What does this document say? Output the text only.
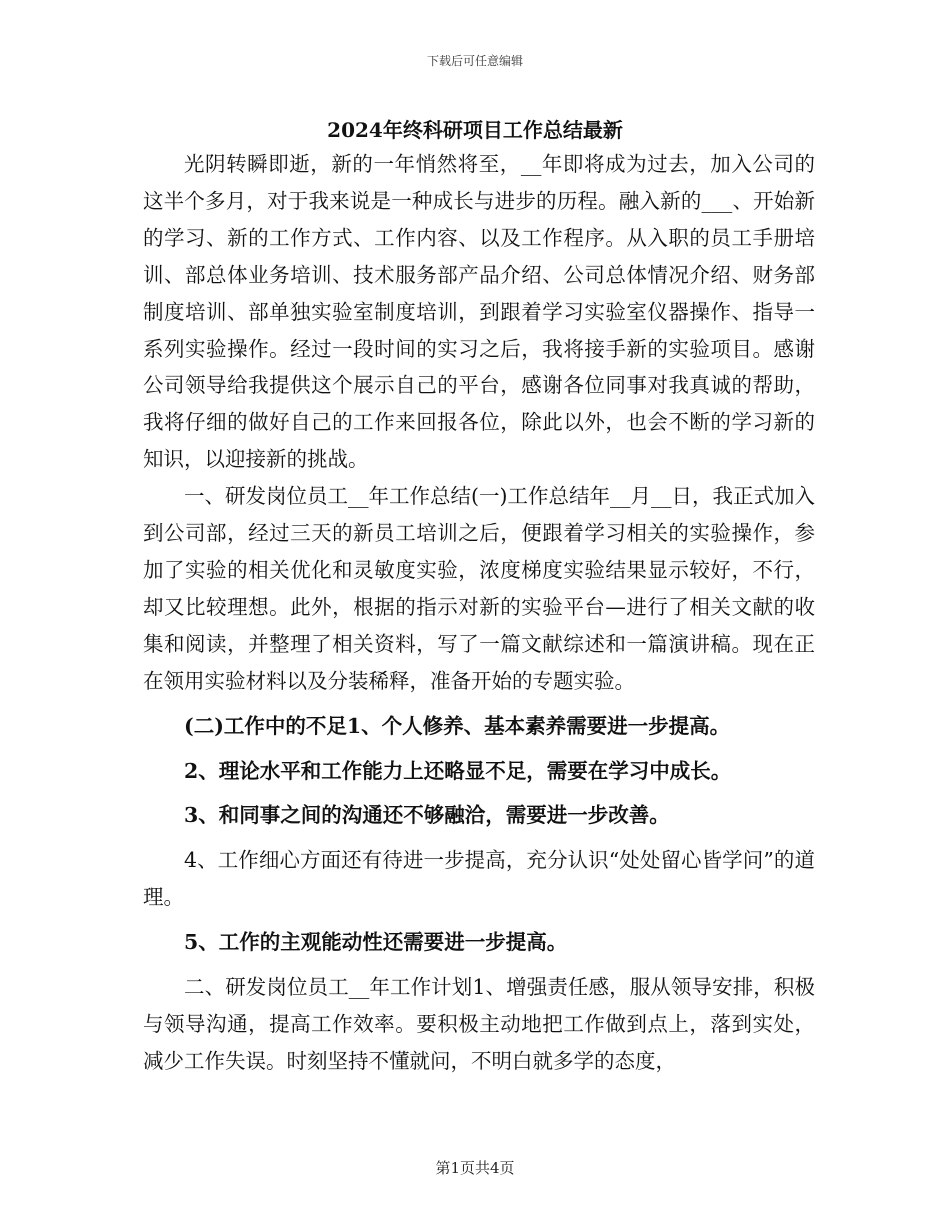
下载后可任意编辑
2024年终科研项目工作总结最新

光阴转瞬即逝，新的一年悄然将至，__年即将成为过去，加入公司的这半个多月，对于我来说是一种成长与进步的历程。融入新的___、开始新的学习、新的工作方式、工作内容、以及工作程序。从入职的员工手册培训、部总体业务培训、技术服务部产品介绍、公司总体情况介绍、财务部制度培训、部单独实验室制度培训，到跟着学习实验室仪器操作、指导一系列实验操作。经过一段时间的实习之后，我将接手新的实验项目。感谢公司领导给我提供这个展示自己的平台，感谢各位同事对我真诚的帮助，我将仔细的做好自己的工作来回报各位，除此以外，也会不断的学习新的知识，以迎接新的挑战。

一、研发岗位员工__年工作总结(一)工作总结年__月__日，我正式加入到公司部，经过三天的新员工培训之后，便跟着学习相关的实验操作，参加了实验的相关优化和灵敏度实验，浓度梯度实验结果显示较好，不行，却又比较理想。此外，根据的指示对新的实验平台—进行了相关文献的收集和阅读，并整理了相关资料，写了一篇文献综述和一篇演讲稿。现在正在领用实验材料以及分装稀释，准备开始的专题实验。

(二)工作中的不足1、个人修养、基本素养需要进一步提高。

2、理论水平和工作能力上还略显不足，需要在学习中成长。

3、和同事之间的沟通还不够融洽，需要进一步改善。

4、工作细心方面还有待进一步提高，充分认识“处处留心皆学问”的道理。

5、工作的主观能动性还需要进一步提高。

二、研发岗位员工__年工作计划1、增强责任感，服从领导安排，积极与领导沟通，提高工作效率。要积极主动地把工作做到点上，落到实处，减少工作失误。时刻坚持不懂就问，不明白就多学的态度，

第1页共4页
